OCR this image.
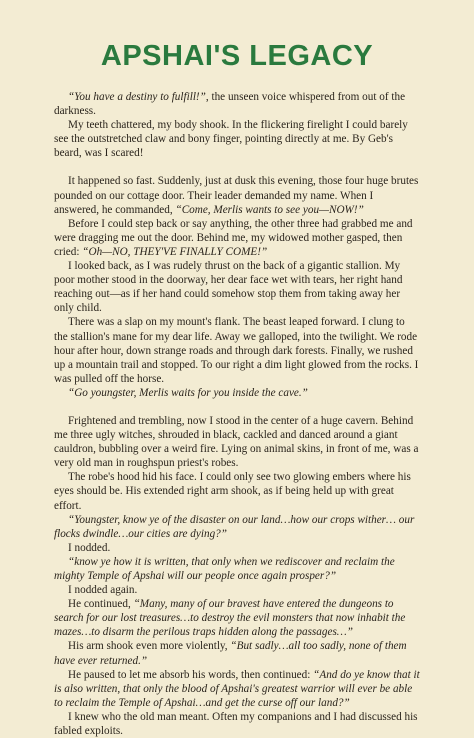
APSHAI'S LEGACY

“You have a destiny to fulfill!”, the unseen voice whispered from out of the darkness.

My teeth chattered, my body shook. In the flickering firelight I could barely see the outstretched claw and bony finger, pointing directly at me. By Geb's beard, was I scared!

It happened so fast. Suddenly, just at dusk this evening, those four huge brutes pounded on our cottage door. Their leader demanded my name. When I answered, he commanded, “Come, Merlis wants to see you—NOW!”

Before I could step back or say anything, the other three had grabbed me and were dragging me out the door. Behind me, my widowed mother gasped, then cried: “Oh—NO, THEY'VE FINALLY COME!”

I looked back, as I was rudely thrust on the back of a gigantic stallion. My poor mother stood in the doorway, her dear face wet with tears, her right hand reaching out—as if her hand could somehow stop them from taking away her only child.

There was a slap on my mount's flank. The beast leaped forward. I clung to the stallion's mane for my dear life. Away we galloped, into the twilight. We rode hour after hour, down strange roads and through dark forests. Finally, we rushed up a mountain trail and stopped. To our right a dim light glowed from the rocks. I was pulled off the horse.

“Go youngster, Merlis waits for you inside the cave.”

Frightened and trembling, now I stood in the center of a huge cavern. Behind me three ugly witches, shrouded in black, cackled and danced around a giant cauldron, bubbling over a weird fire. Lying on animal skins, in front of me, was a very old man in roughspun priest's robes.

The robe's hood hid his face. I could only see two glowing embers where his eyes should be. His extended right arm shook, as if being held up with great effort.

“Youngster, know ye of the disaster on our land…how our crops wither… our flocks dwindle…our cities are dying?”

I nodded.

“know ye how it is written, that only when we rediscover and reclaim the mighty Temple of Apshai will our people once again prosper?”

I nodded again.

He continued, “Many, many of our bravest have entered the dungeons to search for our lost treasures…to destroy the evil monsters that now inhabit the mazes…to disarm the perilous traps hidden along the passages…”

His arm shook even more violently, “But sadly…all too sadly, none of them have ever returned.”

He paused to let me absorb his words, then continued: “And do ye know that it is also written, that only the blood of Apshai's greatest warrior will ever be able to reclaim the Temple of Apshai…and get the curse off our land?”

I knew who the old man meant. Often my companions and I had discussed his fabled exploits.
